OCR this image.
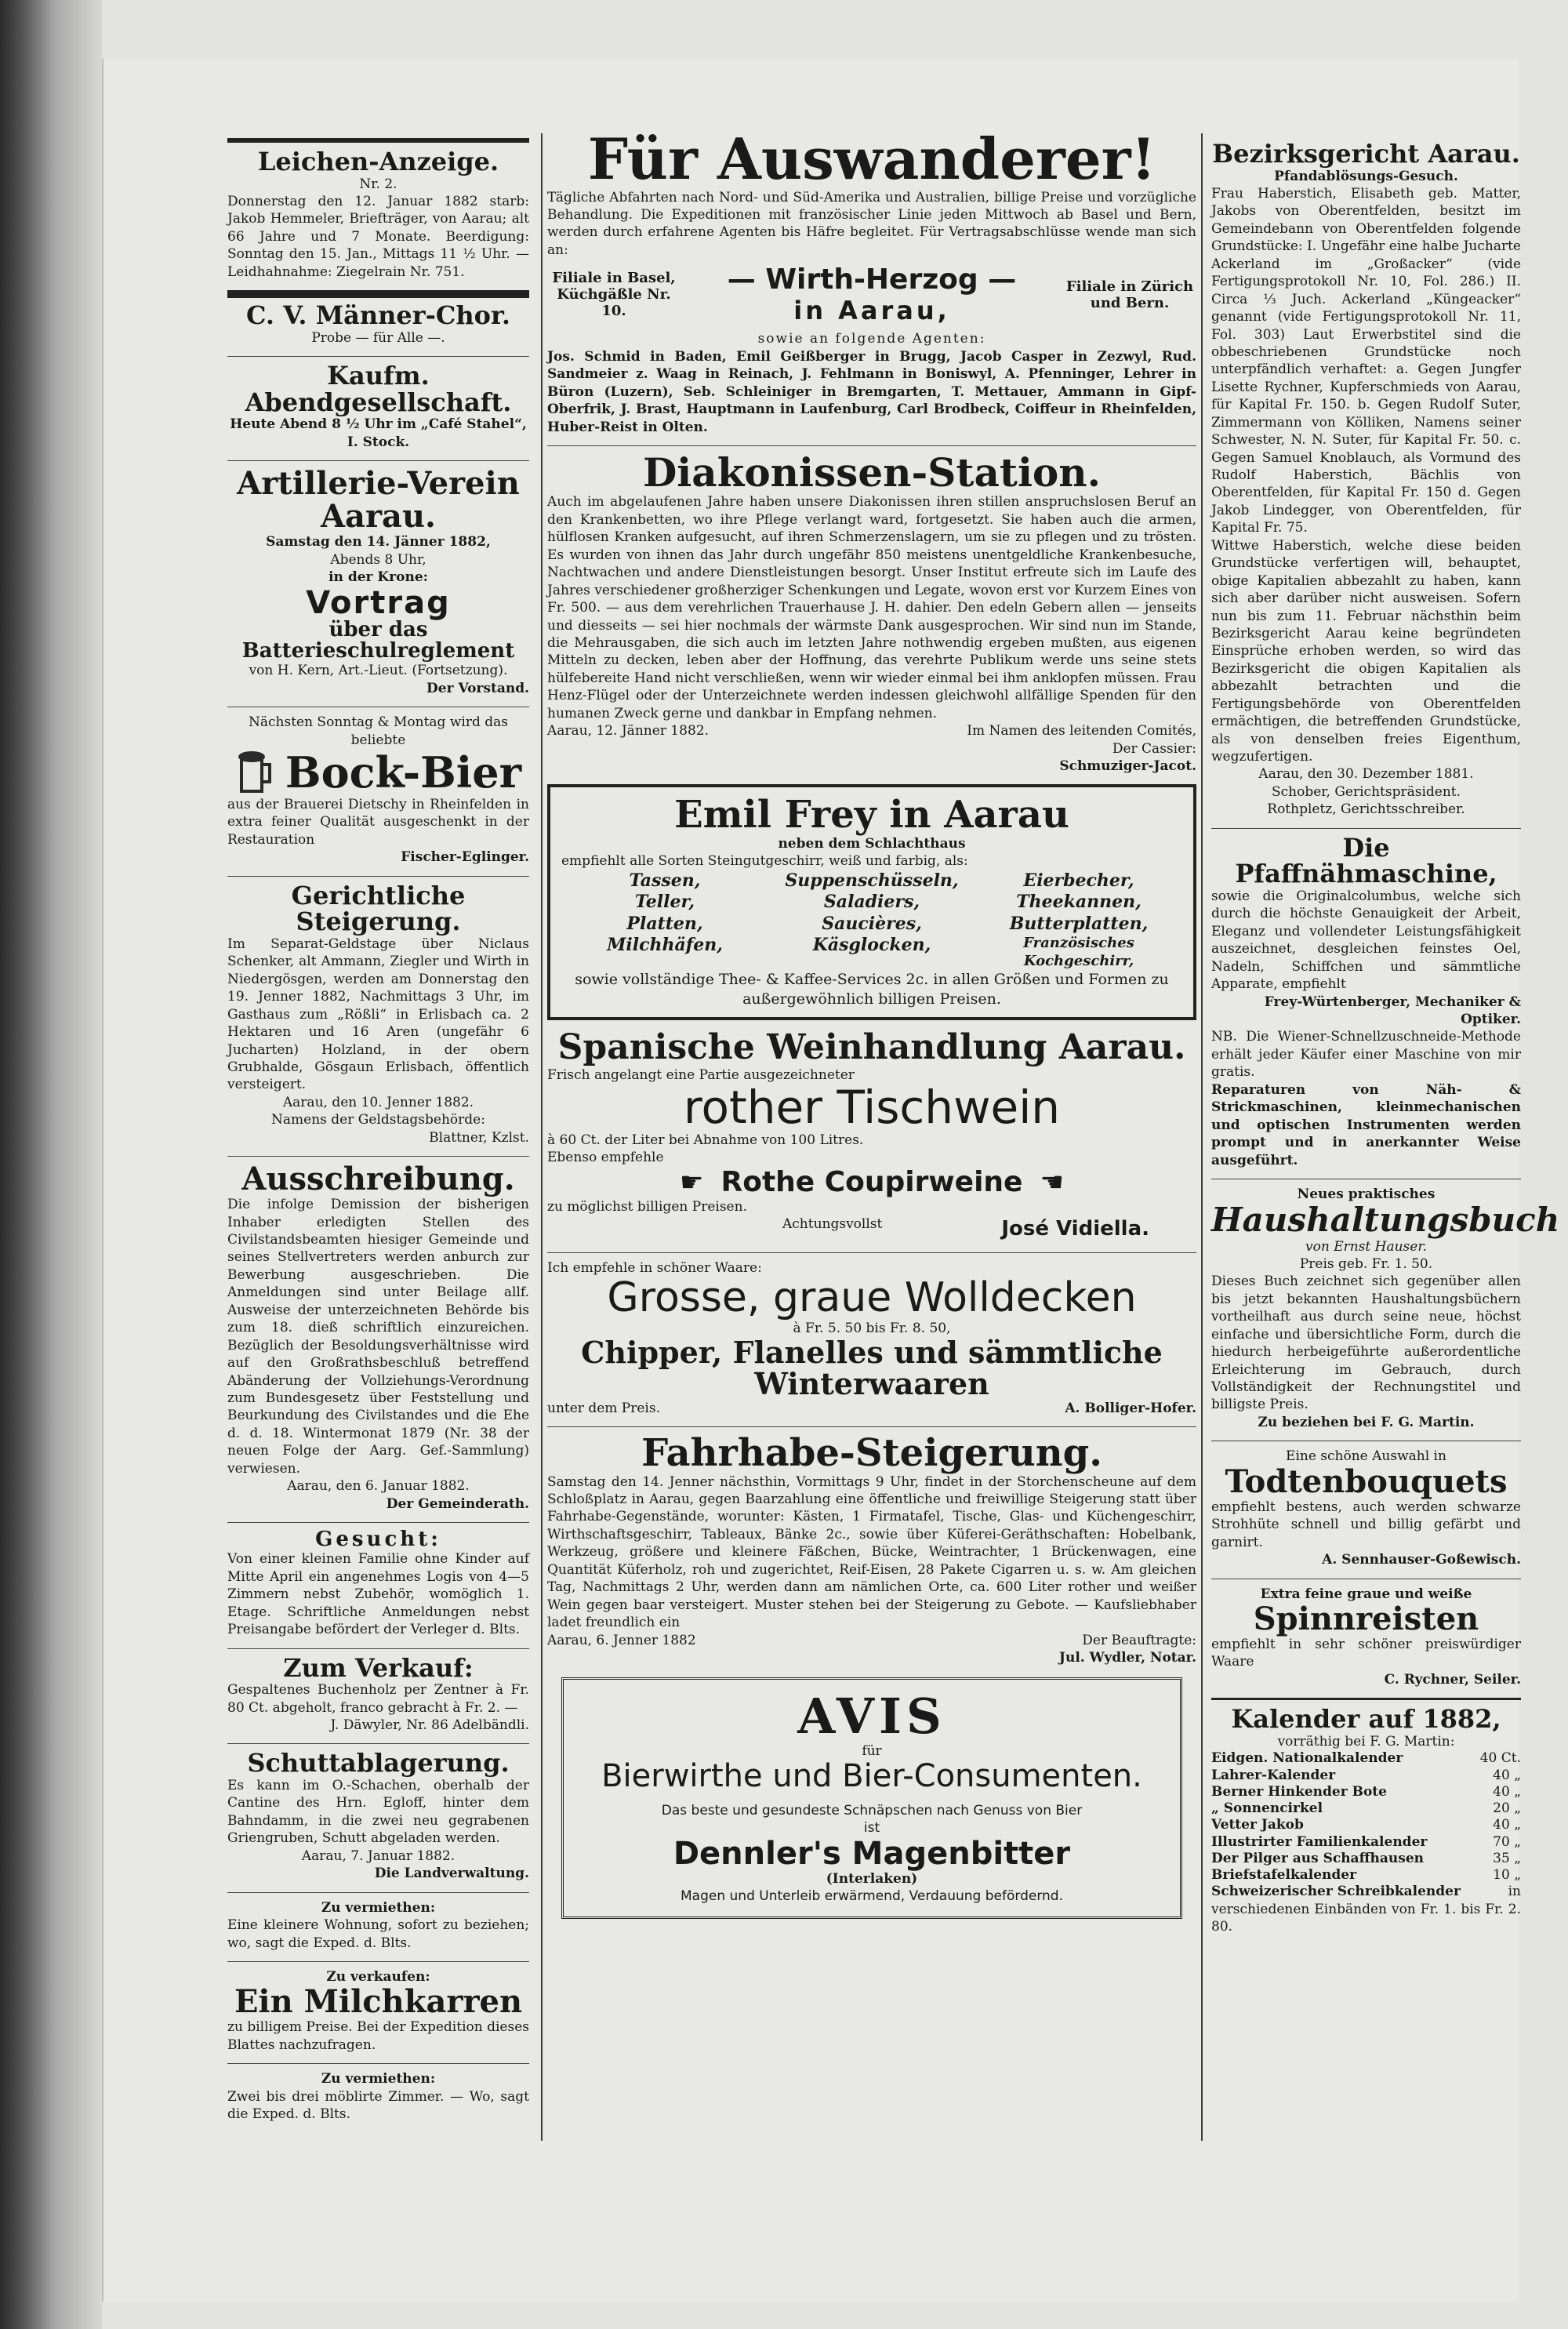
Leichen-Anzeige.
Nr. 2.
Donnerstag den 12. Januar 1882 starb: Jakob Hemmeler, Briefträger, von Aarau; alt 66 Jahre und 7 Monate. Beerdigung: Sonntag den 15. Jan., Mittags 11 ½ Uhr. — Leidhahnahme: Ziegelrain Nr. 751.
C. V. Männer-Chor.
Probe — für Alle —.
Kaufm. Abendgesellschaft.
Heute Abend 8 ½ Uhr im „Café Stahel“, I. Stock.
Artillerie-Verein Aarau.
Samstag den 14. Jänner 1882,
Abends 8 Uhr,
in der Krone:
Vortrag
über das Batterieschulreglement
von H. Kern, Art.-Lieut. (Fortsetzung).
Der Vorstand.
Nächsten Sonntag & Montag wird das beliebte
Bock-Bier
aus der Brauerei Dietschy in Rheinfelden in extra feiner Qualität ausgeschenkt in der Restauration
Fischer-Eglinger.
Gerichtliche Steigerung.
Im Separat-Geldstage über Niclaus Schenker, alt Ammann, Ziegler und Wirth in Niedergösgen, werden am Donnerstag den 19. Jenner 1882, Nachmittags 3 Uhr, im Gasthaus zum „Rößli“ in Erlisbach ca. 2 Hektaren und 16 Aren (ungefähr 6 Jucharten) Holzland, in der obern Grubhalde, Gösgaun Erlisbach, öffentlich versteigert.
Aarau, den 10. Jenner 1882.
Namens der Geldstagsbehörde:
Blattner, Kzlst.
Ausschreibung.
Die infolge Demission der bisherigen Inhaber erledigten Stellen des Civilstandsbeamten hiesiger Gemeinde und seines Stellvertreters werden anburch zur Bewerbung ausgeschrieben. Die Anmeldungen sind unter Beilage allf. Ausweise der unterzeichneten Behörde bis zum 18. dieß schriftlich einzureichen. Bezüglich der Besoldungsverhältnisse wird auf den Großrathsbeschluß betreffend Abänderung der Vollziehungs-Verordnung zum Bundesgesetz über Feststellung und Beurkundung des Civilstandes und die Ehe d. d. 18. Wintermonat 1879 (Nr. 38 der neuen Folge der Aarg. Gef.-Sammlung) verwiesen.
Aarau, den 6. Januar 1882.
Der Gemeinderath.
Gesucht:
Von einer kleinen Familie ohne Kinder auf Mitte April ein angenehmes Logis von 4—5 Zimmern nebst Zubehör, womöglich 1. Etage. Schriftliche Anmeldungen nebst Preisangabe befördert der Verleger d. Blts.
Zum Verkauf:
Gespaltenes Buchenholz per Zentner à Fr. 80 Ct. abgeholt, franco gebracht à Fr. 2. —
J. Däwyler, Nr. 86 Adelbändli.
Schuttablagerung.
Es kann im O.-Schachen, oberhalb der Cantine des Hrn. Egloff, hinter dem Bahndamm, in die zwei neu gegrabenen Griengruben, Schutt abgeladen werden.
Aarau, 7. Januar 1882.
Die Landverwaltung.
Zu vermiethen:
Eine kleinere Wohnung, sofort zu beziehen; wo, sagt die Exped. d. Blts.
Zu verkaufen:
Ein Milchkarren
zu billigem Preise. Bei der Expedition dieses Blattes nachzufragen.
Zu vermiethen:
Zwei bis drei möblirte Zimmer. — Wo, sagt die Exped. d. Blts.
Für Auswanderer!
Tägliche Abfahrten nach Nord- und Süd-Amerika und Australien, billige Preise und vorzügliche Behandlung. Die Expeditionen mit französischer Linie jeden Mittwoch ab Basel und Bern, werden durch erfahrene Agenten bis Häfre begleitet. Für Vertragsabschlüsse wende man sich an:
Filiale in Basel, Küchgäßle Nr. 10.
— Wirth-Herzog —
in Aarau,
Filiale in Zürich und Bern.
sowie an folgende Agenten:
Jos. Schmid in Baden, Emil Geißberger in Brugg, Jacob Casper in Zezwyl, Rud. Sandmeier z. Waag in Reinach, J. Fehlmann in Boniswyl, A. Pfenninger, Lehrer in Büron (Luzern), Seb. Schleiniger in Bremgarten, T. Mettauer, Ammann in Gipf-Oberfrik, J. Brast, Hauptmann in Laufenburg, Carl Brodbeck, Coiffeur in Rheinfelden, Huber-Reist in Olten.
Diakonissen-Station.
Auch im abgelaufenen Jahre haben unsere Diakonissen ihren stillen anspruchslosen Beruf an den Krankenbetten, wo ihre Pflege verlangt ward, fortgesetzt. Sie haben auch die armen, hülflosen Kranken aufgesucht, auf ihren Schmerzenslagern, um sie zu pflegen und zu trösten. Es wurden von ihnen das Jahr durch ungefähr 850 meistens unentgeldliche Krankenbesuche, Nachtwachen und andere Dienstleistungen besorgt. Unser Institut erfreute sich im Laufe des Jahres verschiedener großherziger Schenkungen und Legate, wovon erst vor Kurzem Eines von Fr. 500. — aus dem verehrlichen Trauerhause J. H. dahier. Den edeln Gebern allen — jenseits und diesseits — sei hier nochmals der wärmste Dank ausgesprochen. Wir sind nun im Stande, die Mehrausgaben, die sich auch im letzten Jahre nothwendig ergeben mußten, aus eigenen Mitteln zu decken, leben aber der Hoffnung, das verehrte Publikum werde uns seine stets hülfebereite Hand nicht verschließen, wenn wir wieder einmal bei ihm anklopfen müssen. Frau Henz-Flügel oder der Unterzeichnete werden indessen gleichwohl allfällige Spenden für den humanen Zweck gerne und dankbar in Empfang nehmen.
Aarau, 12. Jänner 1882.	Im Namen des leitenden Comités,
Der Cassier:
Schmuziger-Jacot.
Emil Frey in Aarau
neben dem Schlachthaus
empfiehlt alle Sorten Steingutgeschirr, weiß und farbig, als:
Tassen,	Suppenschüsseln,	Eierbecher,
Teller,	Saladiers,	Theekannen,
Platten,	Saucières,	Butterplatten,
Milchhäfen,	Käsglocken,	Französisches Kochgeschirr,
sowie vollständige Thee- & Kaffee-Services 2c. in allen Größen und Formen zu außergewöhnlich billigen Preisen.
Spanische Weinhandlung Aarau.
Frisch angelangt eine Partie ausgezeichneter
rother Tischwein
à 60 Ct. der Liter bei Abnahme von 100 Litres.
Ebenso empfehle
☛ Rothe Coupirweine ☚
zu möglichst billigen Preisen.
Achtungsvollst	José Vidiella.
Ich empfehle in schöner Waare:
Grosse, graue Wolldecken
à Fr. 5. 50 bis Fr. 8. 50,
Chipper, Flanelles und sämmtliche Winterwaaren
unter dem Preis.	A. Bolliger-Hofer.
Fahrhabe-Steigerung.
Samstag den 14. Jenner nächsthin, Vormittags 9 Uhr, findet in der Storchenscheune auf dem Schloßplatz in Aarau, gegen Baarzahlung eine öffentliche und freiwillige Steigerung statt über Fahrhabe-Gegenstände, worunter: Kästen, 1 Firmatafel, Tische, Glas- und Küchengeschirr, Wirthschaftsgeschirr, Tableaux, Bänke 2c., sowie über Küferei-Geräthschaften: Hobelbank, Werkzeug, größere und kleinere Fäßchen, Bücke, Weintrachter, 1 Brückenwagen, eine Quantität Küferholz, roh und zugerichtet, Reif-Eisen, 28 Pakete Cigarren u. s. w. Am gleichen Tag, Nachmittags 2 Uhr, werden dann am nämlichen Orte, ca. 600 Liter rother und weißer Wein gegen baar versteigert. Muster stehen bei der Steigerung zu Gebote. — Kaufsliebhaber ladet freundlich ein
Aarau, 6. Jenner 1882	Der Beauftragte:
Jul. Wydler, Notar.
AVIS
für
Bierwirthe und Bier-Consumenten.
Das beste und gesundeste Schnäpschen nach Genuss von Bier
ist
Dennler's Magenbitter
(Interlaken)
Magen und Unterleib erwärmend, Verdauung befördernd.
Bezirksgericht Aarau.
Pfandablösungs-Gesuch.
Frau Haberstich, Elisabeth geb. Matter, Jakobs von Oberentfelden, besitzt im Gemeindebann von Oberentfelden folgende Grundstücke: I. Ungefähr eine halbe Jucharte Ackerland im „Großacker“ (vide Fertigungsprotokoll Nr. 10, Fol. 286.) II. Circa ⅓ Juch. Ackerland „Küngeacker“ genannt (vide Fertigungsprotokoll Nr. 11, Fol. 303) Laut Erwerbstitel sind die obbeschriebenen Grundstücke noch unterpfändlich verhaftet: a. Gegen Jungfer Lisette Rychner, Kupferschmieds von Aarau, für Kapital Fr. 150. b. Gegen Rudolf Suter, Zimmermann von Kölliken, Namens seiner Schwester, N. N. Suter, für Kapital Fr. 50. c. Gegen Samuel Knoblauch, als Vormund des Rudolf Haberstich, Bächlis von Oberentfelden, für Kapital Fr. 150 d. Gegen Jakob Lindegger, von Oberentfelden, für Kapital Fr. 75.
Wittwe Haberstich, welche diese beiden Grundstücke verfertigen will, behauptet, obige Kapitalien abbezahlt zu haben, kann sich aber darüber nicht ausweisen. Sofern nun bis zum 11. Februar nächsthin beim Bezirksgericht Aarau keine begründeten Einsprüche erhoben werden, so wird das Bezirksgericht die obigen Kapitalien als abbezahlt betrachten und die Fertigungsbehörde von Oberentfelden ermächtigen, die betreffenden Grundstücke, als von denselben freies Eigenthum, wegzufertigen.
Aarau, den 30. Dezember 1881.
Schober, Gerichtspräsident.
Rothpletz, Gerichtsschreiber.
Die Pfaffnähmaschine,
sowie die Originalcolumbus, welche sich durch die höchste Genauigkeit der Arbeit, Eleganz und vollendeter Leistungsfähigkeit auszeichnet, desgleichen feinstes Oel, Nadeln, Schiffchen und sämmtliche Apparate, empfiehlt
Frey-Würtenberger, Mechaniker & Optiker.
NB. Die Wiener-Schnellzuschneide-Methode erhält jeder Käufer einer Maschine von mir gratis.
Reparaturen von Näh- & Strickmaschinen, kleinmechanischen und optischen Instrumenten werden prompt und in anerkannter Weise ausgeführt.
Neues praktisches
Haushaltungsbuch
von Ernst Hauser.
Preis geb. Fr. 1. 50.
Dieses Buch zeichnet sich gegenüber allen bis jetzt bekannten Haushaltungsbüchern vortheilhaft aus durch seine neue, höchst einfache und übersichtliche Form, durch die hiedurch herbeigeführte außerordentliche Erleichterung im Gebrauch, durch Vollständigkeit der Rechnungstitel und billigste Preis.
Zu beziehen bei F. G. Martin.
Eine schöne Auswahl in
Todtenbouquets
empfiehlt bestens, auch werden schwarze Strohhüte schnell und billig gefärbt und garnirt.
A. Sennhauser-Goßewisch.
Extra feine graue und weiße
Spinnreisten
empfiehlt in sehr schöner preiswürdiger Waare
C. Rychner, Seiler.
Kalender auf 1882,
vorräthig bei F. G. Martin:
Eidgen. Nationalkalender	40 Ct.
Lahrer-Kalender	40 „
Berner Hinkender Bote	40 „
„ Sonnencirkel	20 „
Vetter Jakob	40 „
Illustrirter Familienkalender	70 „
Der Pilger aus Schaffhausen	35 „
Briefstafelkalender	10 „
Schweizerischer Schreibkalender	in
verschiedenen Einbänden von Fr. 1. bis Fr. 2. 80.
